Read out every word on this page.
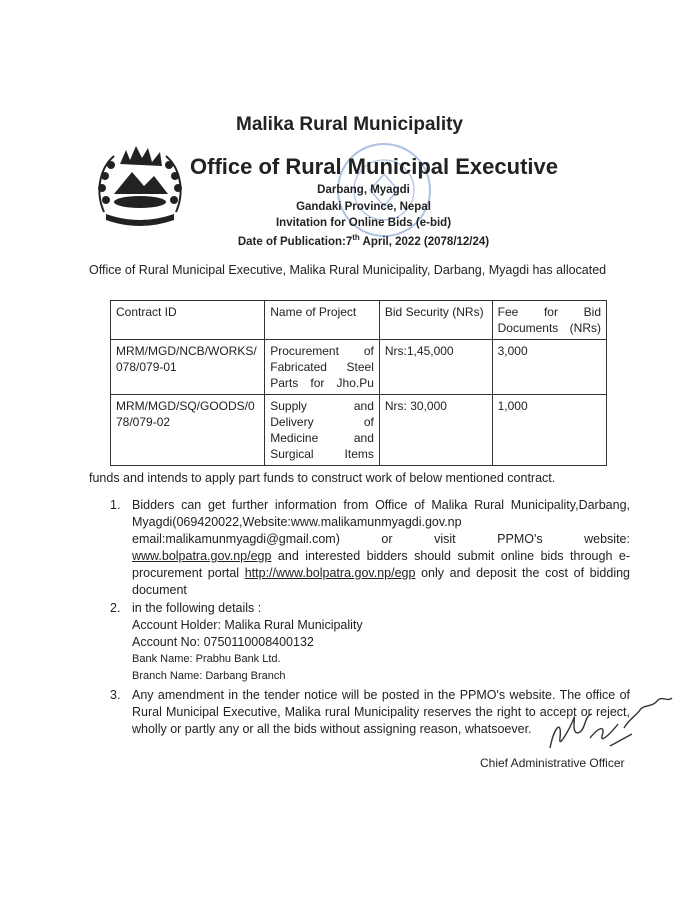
Malika Rural Municipality
Office of Rural Municipal Executive
Darbang, Myagdi
Gandaki Province, Nepal
Invitation for Online Bids (e-bid)
Date of Publication:7th April, 2022 (2078/12/24)
Office of Rural Municipal Executive, Malika Rural Municipality, Darbang, Myagdi has allocated
Contract ID	Name of Project	Bid Security (NRs)	Fee for Bid Documents (NRs)
MRM/MGD/NCB/WORKS/078/079-01	Procurement of Fabricated Steel Parts for Jho.Pu	Nrs:1,45,000	3,000
MRM/MGD/SQ/GOODS/078/079-02	Supply and Delivery of Medicine and Surgical Items	Nrs: 30,000	1,000
funds and intends to apply part funds to construct work of below mentioned contract.
1. Bidders can get further information from Office of Malika Rural Municipality,Darbang, Myagdi(069420022,Website:www.malikamunmyagdi.gov.np
email:malikamunmyagdi@gmail.com)	or	visit	PPMO's	website:
www.bolpatra.gov.np/egp and interested bidders should submit online bids through e-procurement portal http://www.bolpatra.gov.np/egp only and deposit the cost of bidding document
2. in the following details :
Account Holder: Malika Rural Municipality
Account No: 0750110008400132
Bank Name: Prabhu Bank Ltd.
Branch Name: Darbang Branch
3. Any amendment in the tender notice will be posted in the PPMO's website. The office of Rural Municipal Executive, Malika rural Municipality reserves the right to accept or reject, wholly or partly any or all the bids without assigning reason, whatsoever.
Chief Administrative Officer
